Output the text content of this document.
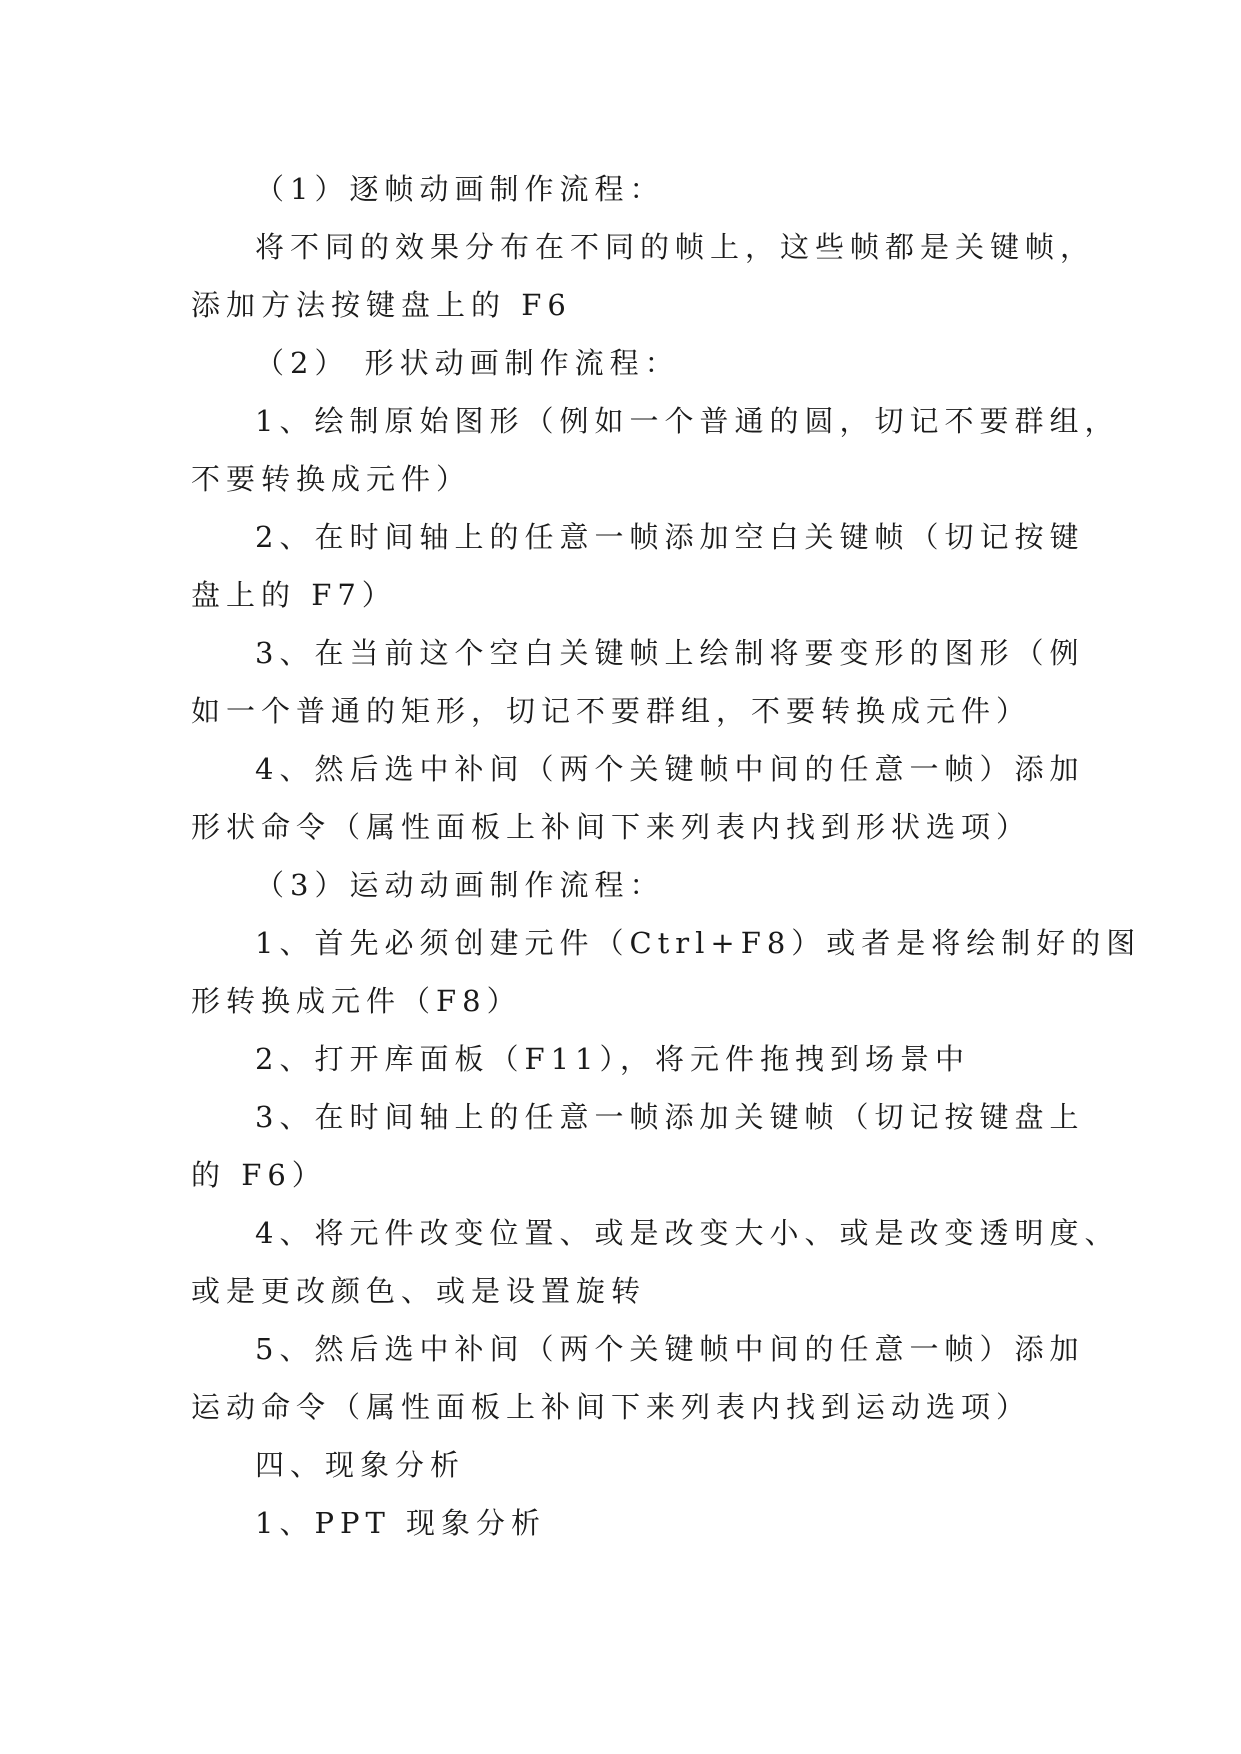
（1）逐帧动画制作流程：

将不同的效果分布在不同的帧上，这些帧都是关键帧，

添加方法按键盘上的 F6

（2） 形状动画制作流程：

1、绘制原始图形（例如一个普通的圆，切记不要群组，

不要转换成元件）

2、在时间轴上的任意一帧添加空白关键帧（切记按键

盘上的 F7）

3、在当前这个空白关键帧上绘制将要变形的图形（例

如一个普通的矩形，切记不要群组，不要转换成元件）

4、然后选中补间（两个关键帧中间的任意一帧）添加

形状命令（属性面板上补间下来列表内找到形状选项）

（3）运动动画制作流程：

1、首先必须创建元件（Ctrl+F8）或者是将绘制好的图

形转换成元件（F8）

2、打开库面板（F11），将元件拖拽到场景中

3、在时间轴上的任意一帧添加关键帧（切记按键盘上

的 F6）

4、将元件改变位置、或是改变大小、或是改变透明度、

或是更改颜色、或是设置旋转

5、然后选中补间（两个关键帧中间的任意一帧）添加

运动命令（属性面板上补间下来列表内找到运动选项）

四、现象分析

1、PPT 现象分析
